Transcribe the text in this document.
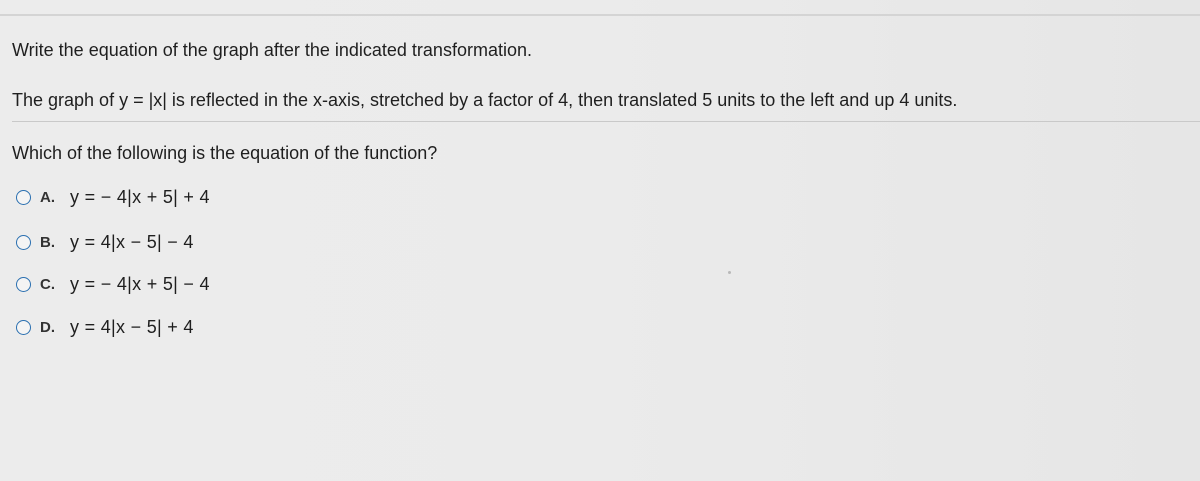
Write the equation of the graph after the indicated transformation.
The graph of y = |x| is reflected in the x-axis, stretched by a factor of 4, then translated 5 units to the left and up 4 units.
Which of the following is the equation of the function?
A. y = − 4|x + 5| + 4
B. y = 4|x − 5| − 4
C. y = − 4|x + 5| − 4
D. y = 4|x − 5| + 4
